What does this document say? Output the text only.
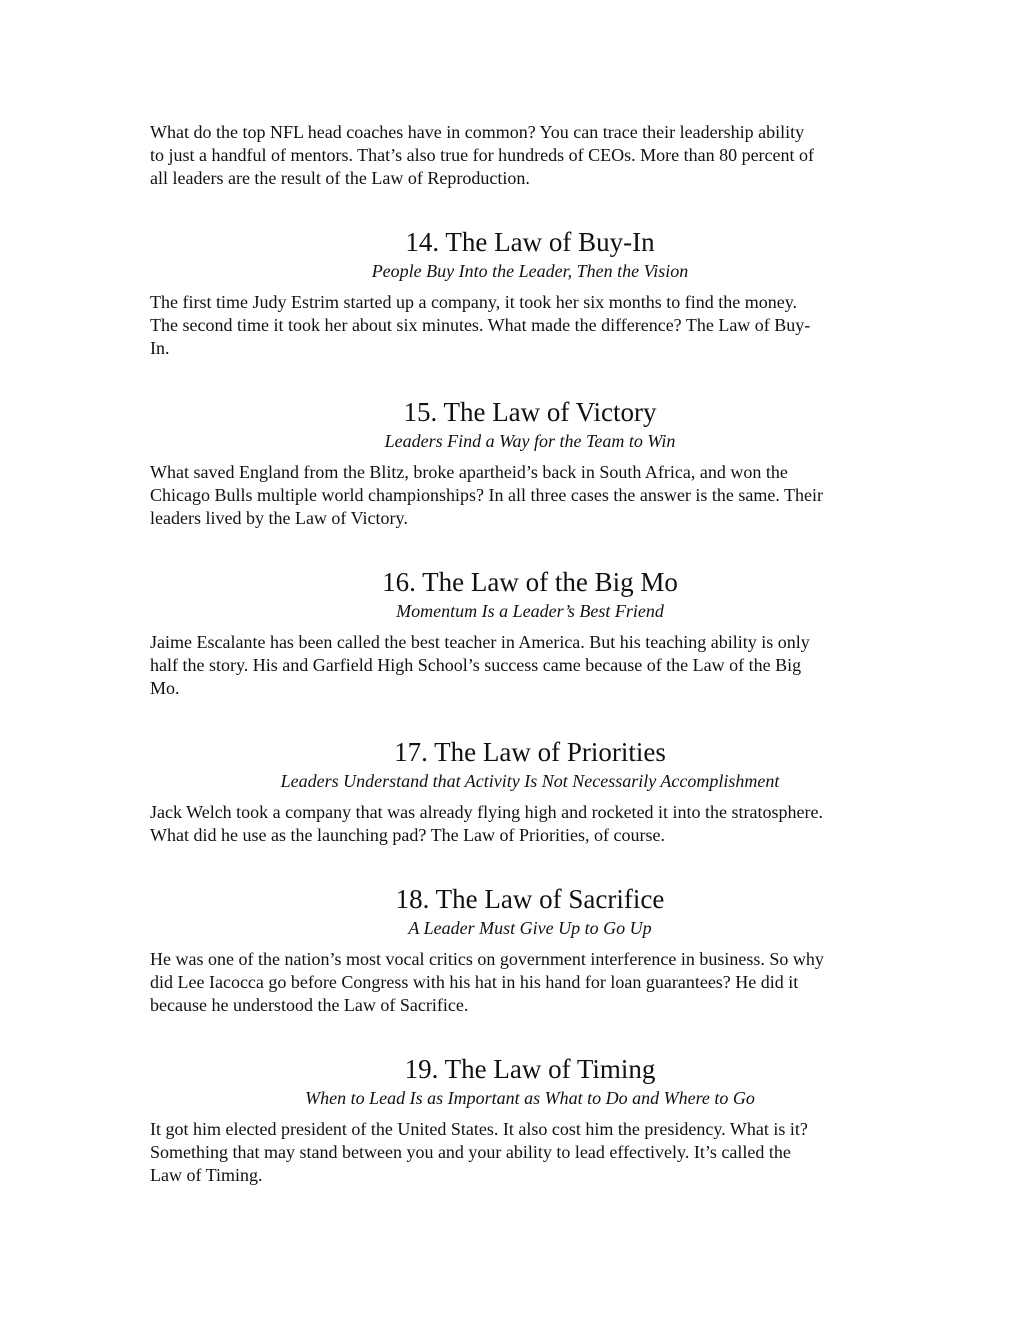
What do the top NFL head coaches have in common? You can trace their leadership ability
to just a handful of mentors. That’s also true for hundreds of CEOs. More than 80 percent of
all leaders are the result of the Law of Reproduction.

14. The Law of Buy-In
People Buy Into the Leader, Then the Vision

The first time Judy Estrim started up a company, it took her six months to find the money.
The second time it took her about six minutes. What made the difference? The Law of Buy-
In.

15. The Law of Victory
Leaders Find a Way for the Team to Win

What saved England from the Blitz, broke apartheid’s back in South Africa, and won the
Chicago Bulls multiple world championships? In all three cases the answer is the same. Their
leaders lived by the Law of Victory.

16. The Law of the Big Mo
Momentum Is a Leader’s Best Friend

Jaime Escalante has been called the best teacher in America. But his teaching ability is only
half the story. His and Garfield High School’s success came because of the Law of the Big
Mo.

17. The Law of Priorities
Leaders Understand that Activity Is Not Necessarily Accomplishment

Jack Welch took a company that was already flying high and rocketed it into the stratosphere.
What did he use as the launching pad? The Law of Priorities, of course.

18. The Law of Sacrifice
A Leader Must Give Up to Go Up

He was one of the nation’s most vocal critics on government interference in business. So why
did Lee Iacocca go before Congress with his hat in his hand for loan guarantees? He did it
because he understood the Law of Sacrifice.

19. The Law of Timing
When to Lead Is as Important as What to Do and Where to Go

It got him elected president of the United States. It also cost him the presidency. What is it?
Something that may stand between you and your ability to lead effectively. It’s called the
Law of Timing.
